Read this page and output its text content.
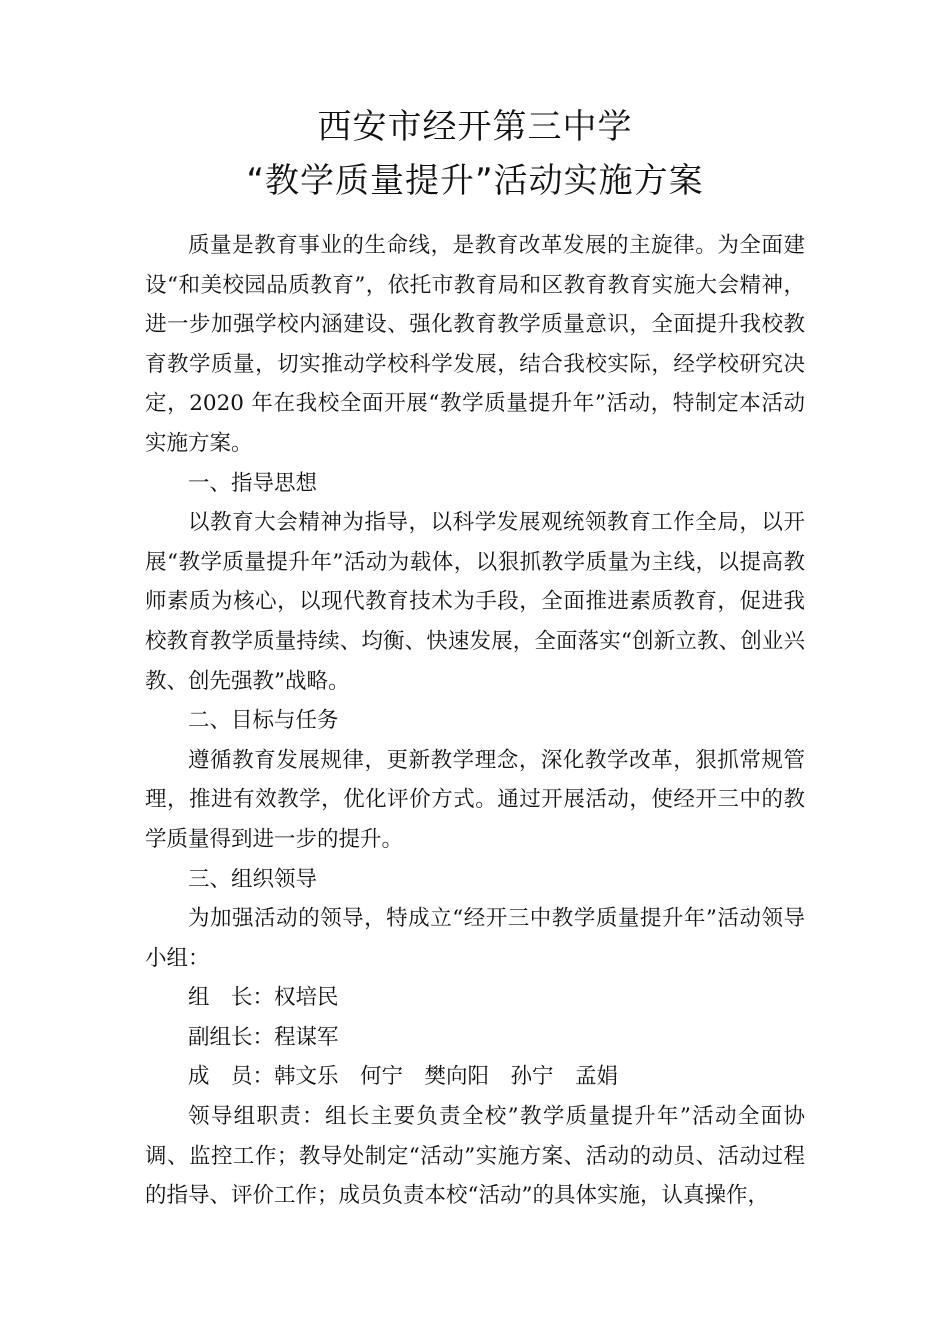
西安市经开第三中学
“教学质量提升”活动实施方案

质量是教育事业的生命线，是教育改革发展的主旋律。为全面建设“和美校园品质教育”，依托市教育局和区教育教育实施大会精神，进一步加强学校内涵建设、强化教育教学质量意识，全面提升我校教育教学质量，切实推动学校科学发展，结合我校实际，经学校研究决定，2020 年在我校全面开展“教学质量提升年”活动，特制定本活动实施方案。

一、指导思想

以教育大会精神为指导，以科学发展观统领教育工作全局，以开展“教学质量提升年”活动为载体，以狠抓教学质量为主线，以提高教师素质为核心，以现代教育技术为手段，全面推进素质教育，促进我校教育教学质量持续、均衡、快速发展，全面落实“创新立教、创业兴教、创先强教”战略。

二、目标与任务

遵循教育发展规律，更新教学理念，深化教学改革，狠抓常规管理，推进有效教学，优化评价方式。通过开展活动，使经开三中的教学质量得到进一步的提升。

三、组织领导

为加强活动的领导，特成立“经开三中教学质量提升年”活动领导小组：

组　长：权培民

副组长：程谋军

成　员：韩文乐　何宁　樊向阳　孙宁　孟娟

领导组职责：组长主要负责全校”教学质量提升年”活动全面协调、监控工作；教导处制定“活动”实施方案、活动的动员、活动过程的指导、评价工作；成员负责本校“活动”的具体实施，认真操作，
